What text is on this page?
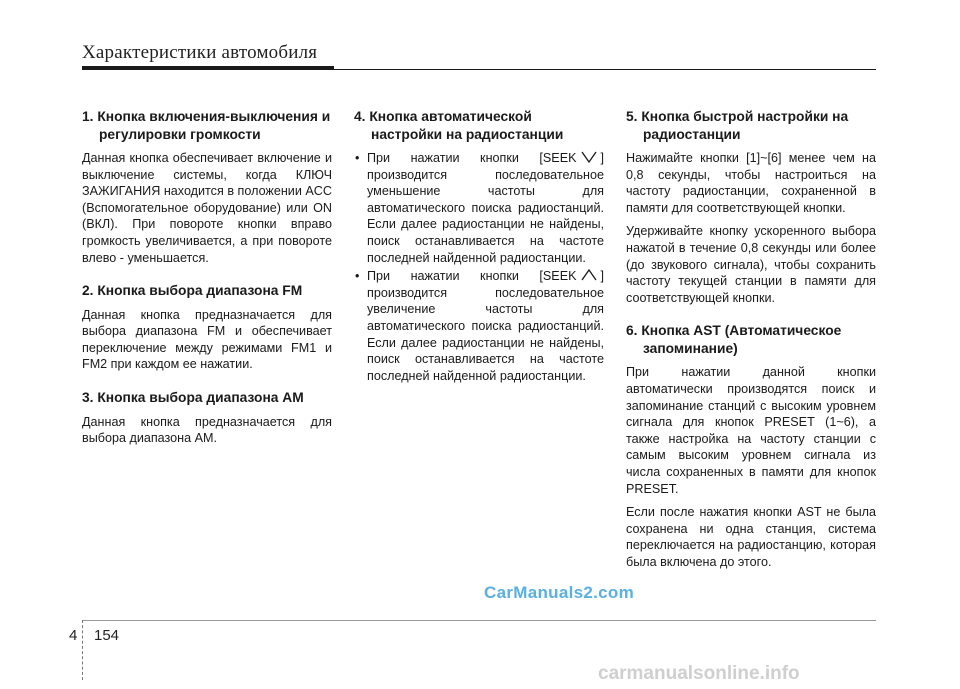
Характеристики автомобиля
1. Кнопка включения-выключения и регулировки громкости

Данная кнопка обеспечивает включение и выключение системы, когда КЛЮЧ ЗАЖИГАНИЯ находится в положении ACC (Вспомогательное оборудование) или ON (ВКЛ). При повороте кнопки вправо громкость увеличивается, а при повороте влево - уменьшается.

2. Кнопка выбора диапазона FM

Данная кнопка предназначается для выбора диапазона FM и обеспечивает переключение между режимами FM1 и FM2 при каждом ее нажатии.

3. Кнопка выбора диапазона AM

Данная кнопка предназначается для выбора диапазона AM.

4. Кнопка автоматической настройки на радиостанции
• При нажатии кнопки [SEEK ] производится последовательное уменьшение частоты для автоматического поиска радиостанций. Если далее радиостанции не найдены, поиск останавливается на частоте последней найденной радиостанции.
• При нажатии кнопки [SEEK ] производится последовательное увеличение частоты для автоматического поиска радиостанций. Если далее радиостанции не найдены, поиск останавливается на частоте последней найденной радиостанции.
5. Кнопка быстрой настройки на радиостанции

Нажимайте кнопки [1]~[6] менее чем на 0,8 секунды, чтобы настроиться на частоту радиостанции, сохраненной в памяти для соответствующей кнопки.

Удерживайте кнопку ускоренного выбора нажатой в течение 0,8 секунды или более (до звукового сигнала), чтобы сохранить частоту текущей станции в памяти для соответствующей кнопки.

6. Кнопка AST (Автоматическое запоминание)

При нажатии данной кнопки автоматически производятся поиск и запоминание станций с высоким уровнем сигнала для кнопок PRESET (1~6), а также настройка на частоту станции с самым высоким уровнем сигнала из числа сохраненных в памяти для кнопок PRESET.

Если после нажатия кнопки AST не была сохранена ни одна станция, система переключается на радиостанцию, которая была включена до этого.

CarManuals2.com
4 154
carmanualsonline.info
